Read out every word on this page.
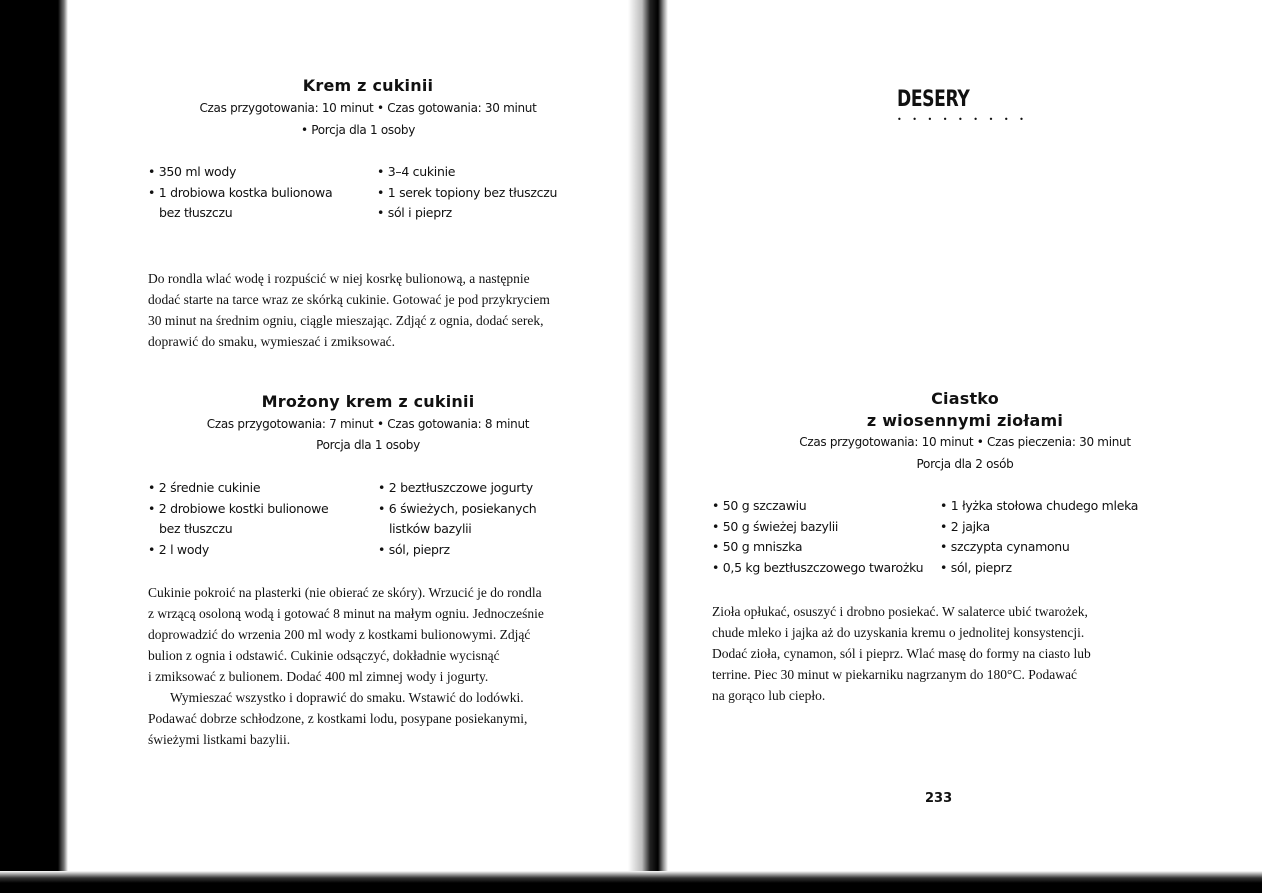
Krem z cukinii
Czas przygotowania: 10 minut • Czas gotowania: 30 minut
• Porcja dla 1 osoby
• 350 ml wody
• 1 drobiowa kostka bulionowa
bez tłuszczu
• 3–4 cukinie
• 1 serek topiony bez tłuszczu
• sól i pieprz

Do rondla wlać wodę i rozpuścić w niej kosrkę bulionową, a następnie

dodać starte na tarce wraz ze skórką cukinie. Gotować je pod przykryciem

30 minut na średnim ogniu, ciągle mieszając. Zdjąć z ognia, dodać serek,

doprawić do smaku, wymieszać i zmiksować.

Mrożony krem z cukinii
Czas przygotowania: 7 minut • Czas gotowania: 8 minut
Porcja dla 1 osoby
• 2 średnie cukinie
• 2 drobiowe kostki bulionowe
bez tłuszczu
• 2 l wody
• 2 beztłuszczowe jogurty
• 6 świeżych, posiekanych
listków bazylii
• sól, pieprz

Cukinie pokroić na plasterki (nie obierać ze skóry). Wrzucić je do rondla

z wrzącą osoloną wodą i gotować 8 minut na małym ogniu. Jednocześnie

doprowadzić do wrzenia 200 ml wody z kostkami bulionowymi. Zdjąć

bulion z ognia i odstawić. Cukinie odsączyć, dokładnie wycisnąć

i zmiksować z bulionem. Dodać 400 ml zimnej wody i jogurty.

Wymieszać wszystko i doprawić do smaku. Wstawić do lodówki.

Podawać dobrze schłodzone, z kostkami lodu, posypane posiekanymi,

świeżymi listkami bazylii.

DESERY
• • • • • • • • •
Ciastko
z wiosennymi ziołami
Czas przygotowania: 10 minut • Czas pieczenia: 30 minut
Porcja dla 2 osób
• 50 g szczawiu
• 50 g świeżej bazylii
• 50 g mniszka
• 0,5 kg beztłuszczowego twarożku
• 1 łyżka stołowa chudego mleka
• 2 jajka
• szczypta cynamonu
• sól, pieprz

Zioła opłukać, osuszyć i drobno posiekać. W salaterce ubić twarożek,

chude mleko i jajka aż do uzyskania kremu o jednolitej konsystencji.

Dodać zioła, cynamon, sól i pieprz. Wlać masę do formy na ciasto lub

terrine. Piec 30 minut w piekarniku nagrzanym do 180°C. Podawać

na gorąco lub ciepło.

233
